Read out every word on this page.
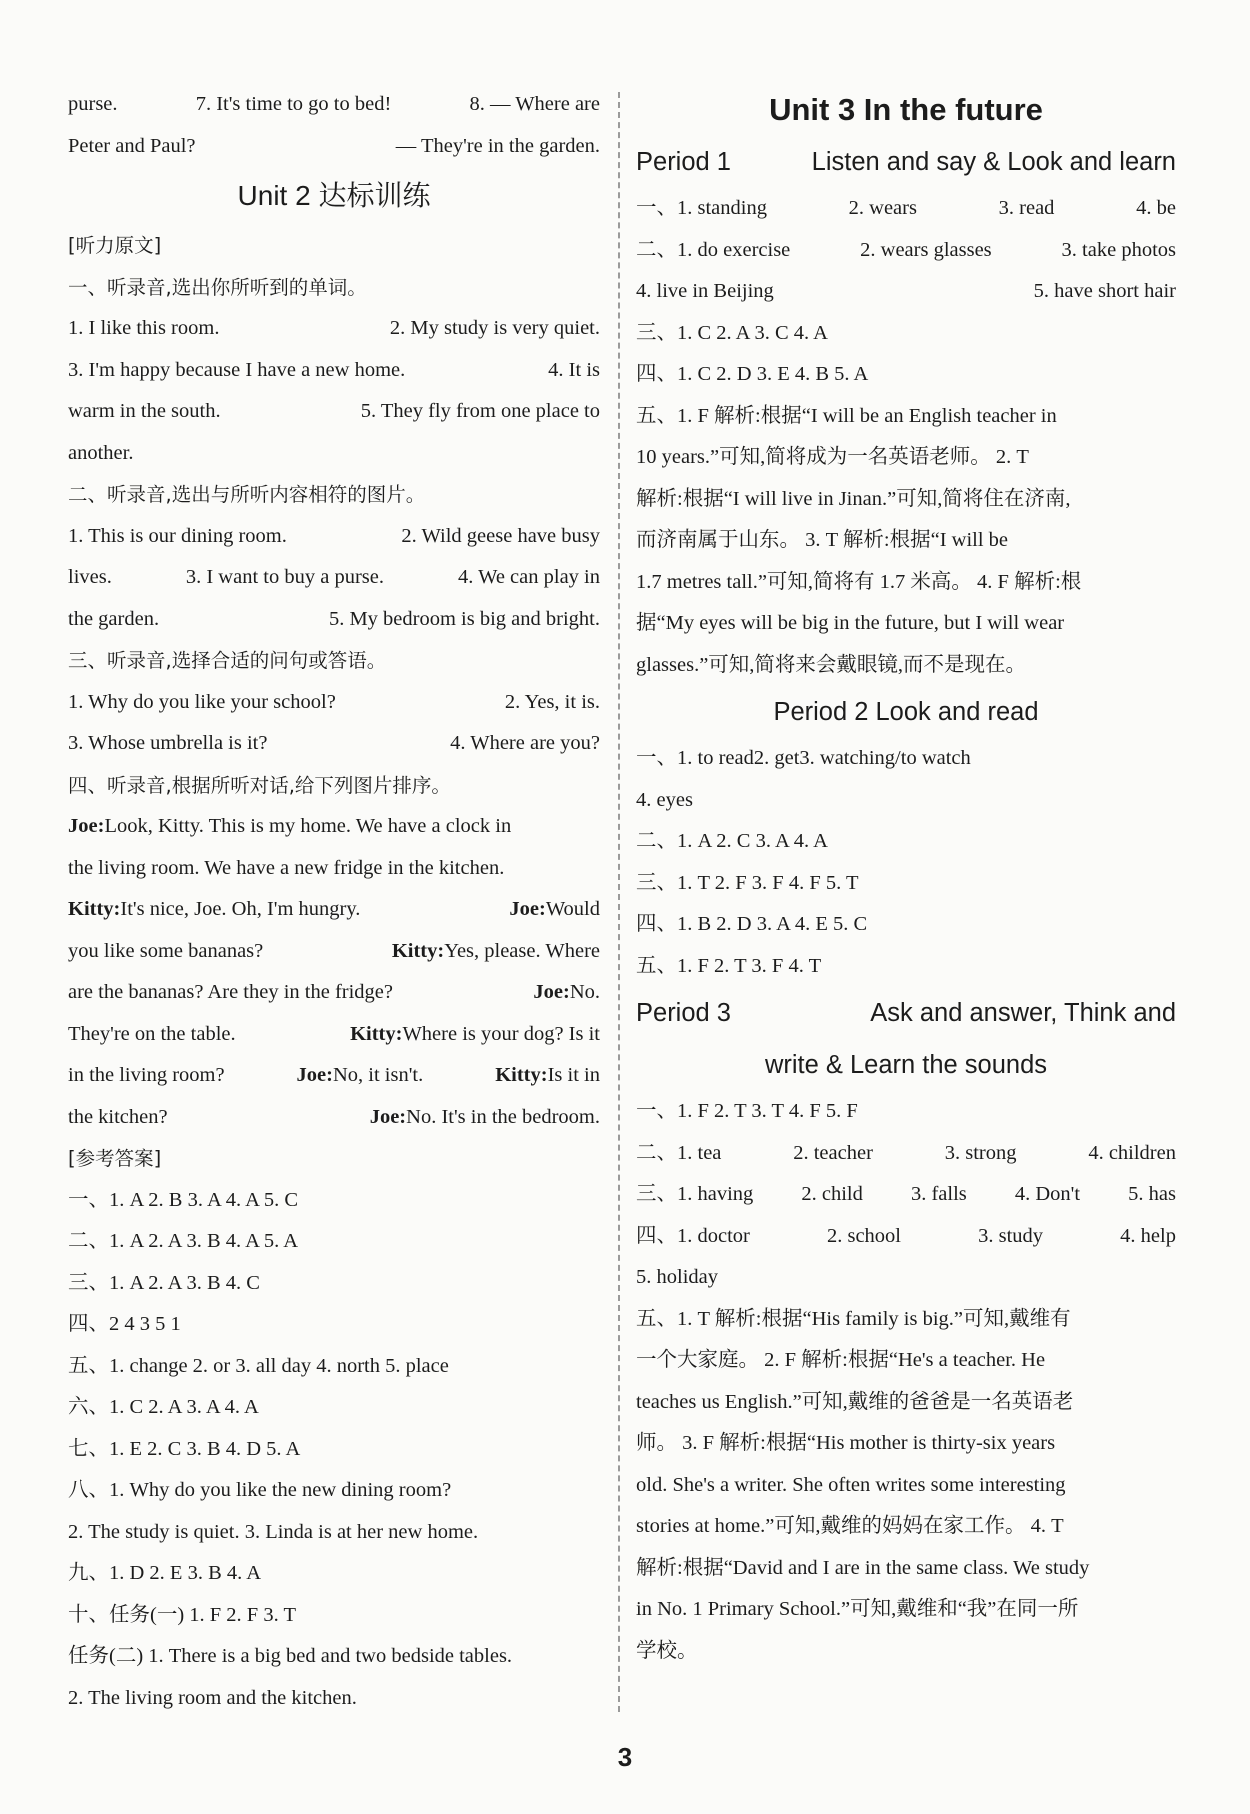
purse.	7. It's time to go to bed!	8. — Where are
Peter and Paul?	— They're in the garden.
Unit 2 达标训练
[听力原文]
一、听录音,选出你所听到的单词。
1. I like this room.	2. My study is very quiet.
3. I'm happy because I have a new home.	4. It is
warm in the south.	5. They fly from one place to
another.
二、听录音,选出与所听内容相符的图片。
1. This is our dining room.	2. Wild geese have busy
lives.	3. I want to buy a purse.	4. We can play in
the garden.	5. My bedroom is big and bright.
三、听录音,选择合适的问句或答语。
1. Why do you like your school?	2. Yes, it is.
3. Whose umbrella is it?	4. Where are you?
四、听录音,根据所听对话,给下列图片排序。
Joe:Look, Kitty. This is my home. We have a clock in
the living room. We have a new fridge in the kitchen.
Kitty:It's nice, Joe. Oh, I'm hungry.	Joe:Would
you like some bananas?	Kitty:Yes, please. Where
are the bananas? Are they in the fridge?	Joe:No.
They're on the table.	Kitty:Where is your dog? Is it
in the living room?	Joe:No, it isn't.	Kitty:Is it in
the kitchen?	Joe:No. It's in the bedroom.
[参考答案]
一、1. A 2. B 3. A 4. A 5. C
二、1. A 2. A 3. B 4. A 5. A
三、1. A 2. A 3. B 4. C
四、2 4 3 5 1
五、1. change 2. or 3. all day 4. north 5. place
六、1. C 2. A 3. A 4. A
七、1. E 2. C 3. B 4. D 5. A
八、1. Why do you like the new dining room?
2. The study is quiet. 3. Linda is at her new home.
九、1. D 2. E 3. B 4. A
十、任务(一) 1. F 2. F 3. T
任务(二) 1. There is a big bed and two bedside tables.
2. The living room and the kitchen.
Unit 3 In the future
Period 1	Listen and say & Look and learn
一、1. standing	2. wears	3. read	4. be
二、1. do exercise	2. wears glasses	3. take photos
4. live in Beijing	5. have short hair
三、1. C 2. A 3. C 4. A
四、1. C 2. D 3. E 4. B 5. A
五、1. F 解析:根据“I will be an English teacher in
10 years.”可知,简将成为一名英语老师。 2. T
解析:根据“I will live in Jinan.”可知,简将住在济南,
而济南属于山东。 3. T 解析:根据“I will be
1.7 metres tall.”可知,简将有 1.7 米高。 4. F 解析:根
据“My eyes will be big in the future, but I will wear
glasses.”可知,简将来会戴眼镜,而不是现在。
Period 2 Look and read
一、1. to read 2. get 3. watching/to watch
4. eyes
二、1. A 2. C 3. A 4. A
三、1. T 2. F 3. F 4. F 5. T
四、1. B 2. D 3. A 4. E 5. C
五、1. F 2. T 3. F 4. T
Period 3	Ask and answer, Think and
write & Learn the sounds
一、1. F 2. T 3. T 4. F 5. F
二、1. tea	2. teacher	3. strong	4. children
三、1. having 2. child 3. falls 4. Don't 5. has
四、1. doctor	2. school	3. study	4. help
5. holiday
五、1. T 解析:根据“His family is big.”可知,戴维有
一个大家庭。 2. F 解析:根据“He's a teacher. He
teaches us English.”可知,戴维的爸爸是一名英语老
师。 3. F 解析:根据“His mother is thirty-six years
old. She's a writer. She often writes some interesting
stories at home.”可知,戴维的妈妈在家工作。 4. T
解析:根据“David and I are in the same class. We study
in No. 1 Primary School.”可知,戴维和“我”在同一所
学校。
3
